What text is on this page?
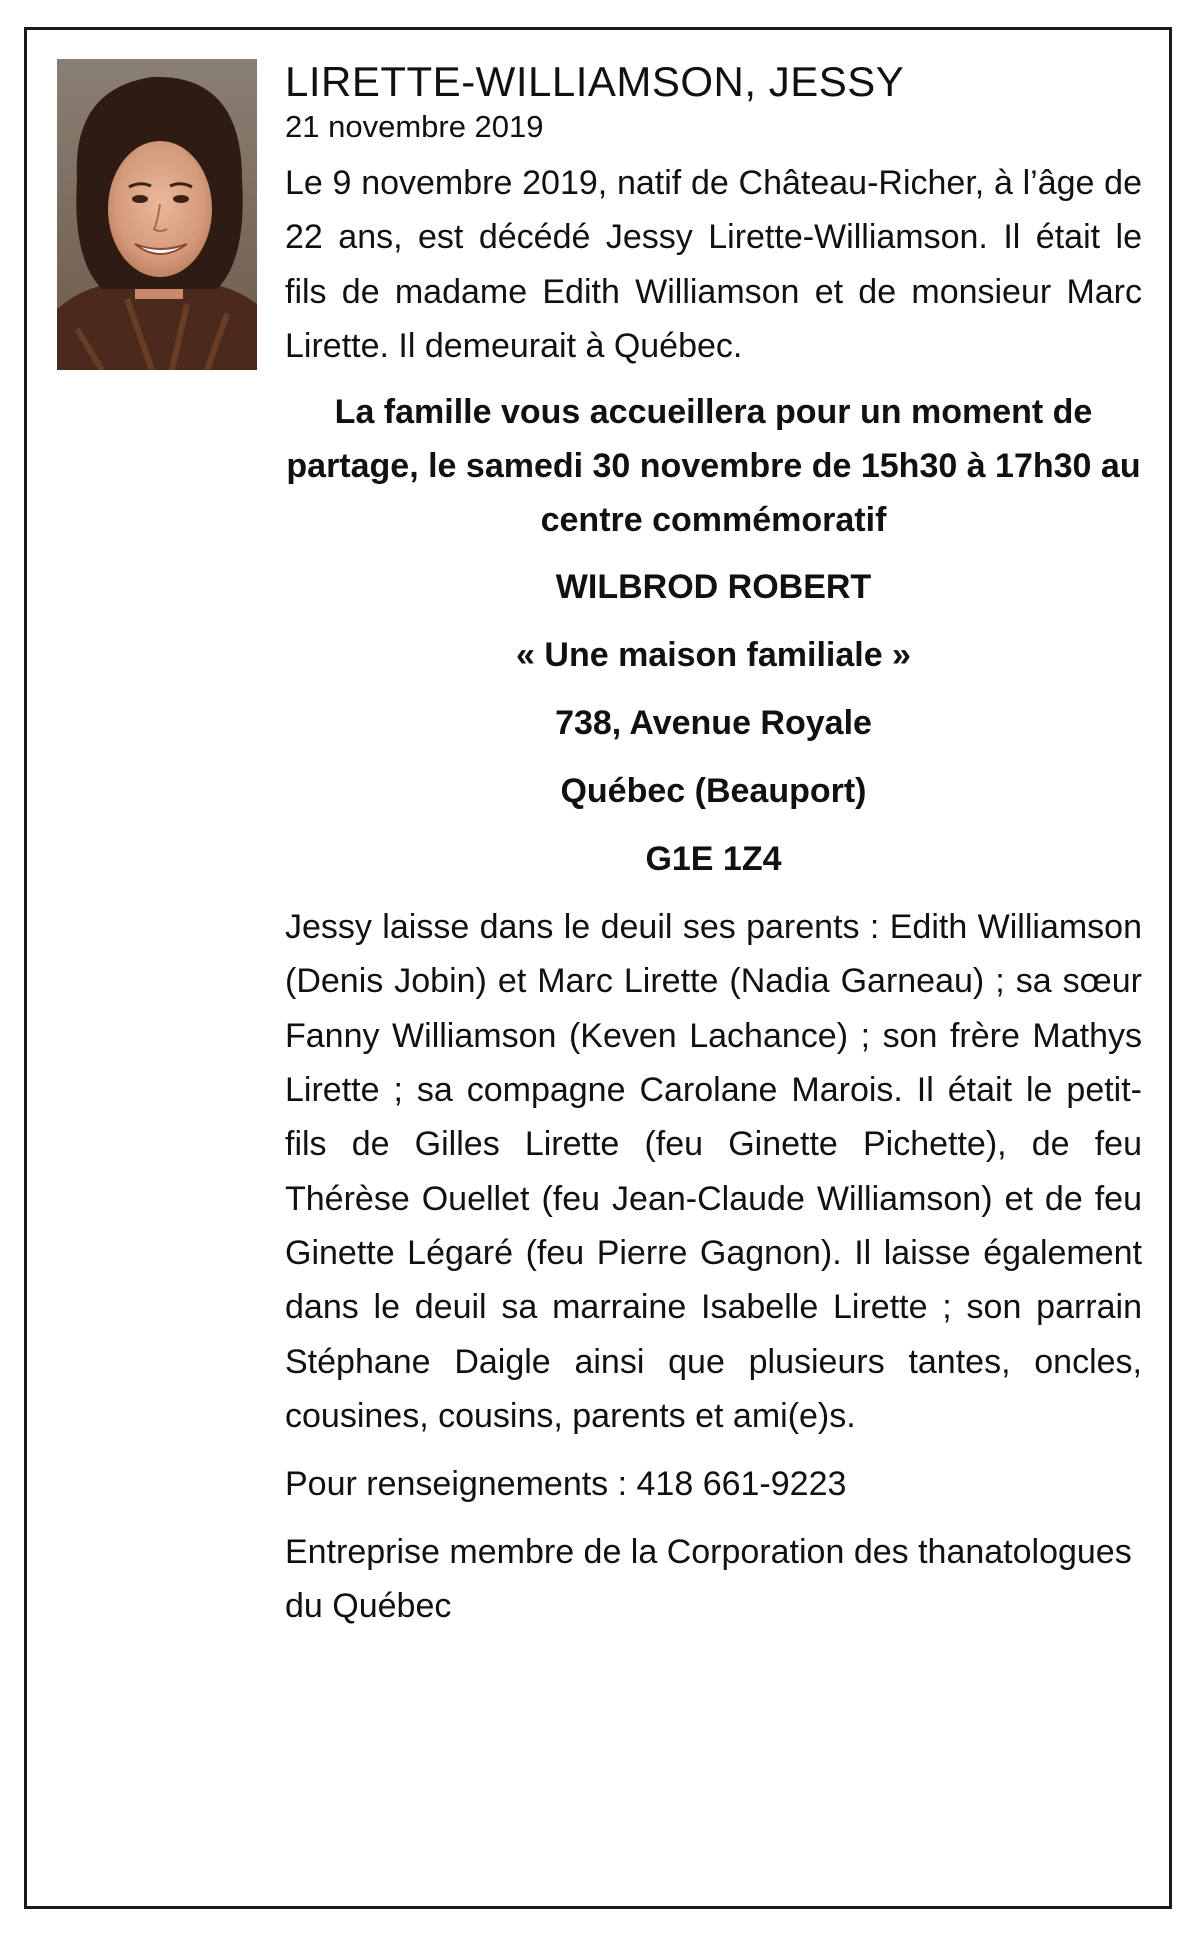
LIRETTE-WILLIAMSON, JESSY
21 novembre 2019

Le 9 novembre 2019, natif de Château-Richer, à l’âge de 22 ans, est décédé Jessy Lirette-Williamson. Il était le fils de madame Edith Williamson et de monsieur Marc Lirette. Il demeurait à Québec.

La famille vous accueillera pour un moment de partage, le samedi 30 novembre de 15h30 à 17h30 au centre commémoratif
WILBROD ROBERT
« Une maison familiale »
738, Avenue Royale
Québec (Beauport)
G1E 1Z4

Jessy laisse dans le deuil ses parents : Edith Williamson (Denis Jobin) et Marc Lirette (Nadia Garneau) ; sa sœur Fanny Williamson (Keven Lachance) ; son frère Mathys Lirette ; sa compagne Carolane Marois. Il était le petit-fils de Gilles Lirette (feu Ginette Pichette), de feu Thérèse Ouellet (feu Jean-Claude Williamson) et de feu Ginette Légaré (feu Pierre Gagnon). Il laisse également dans le deuil sa marraine Isabelle Lirette ; son parrain Stéphane Daigle ainsi que plusieurs tantes, oncles, cousines, cousins, parents et ami(e)s.

Pour renseignements : 418 661-9223
Entreprise membre de la Corporation des thanatologues du Québec
